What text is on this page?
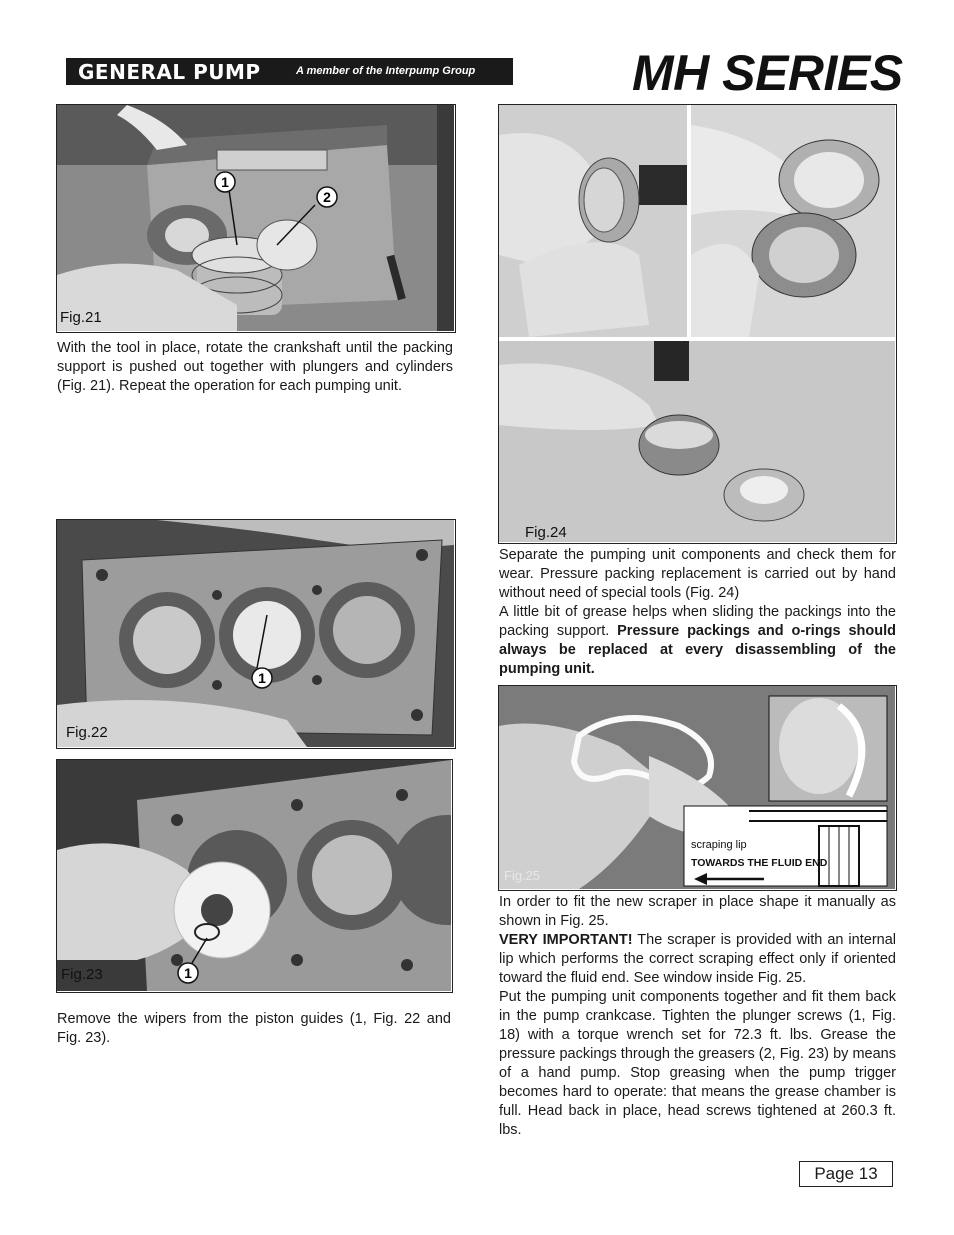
GENERAL PUMP	A member of the Interpump Group	MH SERIES
1
2
Fig.21
With the tool in place, rotate the crankshaft until the packing support is pushed out together with plungers and cylinders (Fig. 21). Repeat the operation for each pumping unit.
1
Fig.22
1
Fig.23
Remove the wipers from the piston guides (1, Fig. 22 and Fig. 23).
Fig.24

Separate the pumping unit components and check them for wear. Pressure packing replacement is carried out by hand without need of special tools (Fig. 24)

A little bit of grease helps when sliding the packings into the packing support. Pressure packings and o-rings should always be replaced at every disassembling of the pumping unit.

scraping lip
TOWARDS THE FLUID END
Fig.25

In order to fit the new scraper in place shape it manually as shown in Fig. 25.

VERY IMPORTANT! The scraper is provided with an internal lip which performs the correct scraping effect only if oriented toward the fluid end. See window inside Fig. 25.

Put the pumping unit components together and fit them back in the pump crankcase. Tighten the plunger screws (1, Fig. 18) with a torque wrench set for 72.3 ft. lbs. Grease the pressure packings through the greasers (2, Fig. 23) by means of a hand pump. Stop greasing when the pump trigger becomes hard to operate: that means the grease chamber is full. Head back in place, head screws tightened at 260.3 ft. lbs.

Page 13
